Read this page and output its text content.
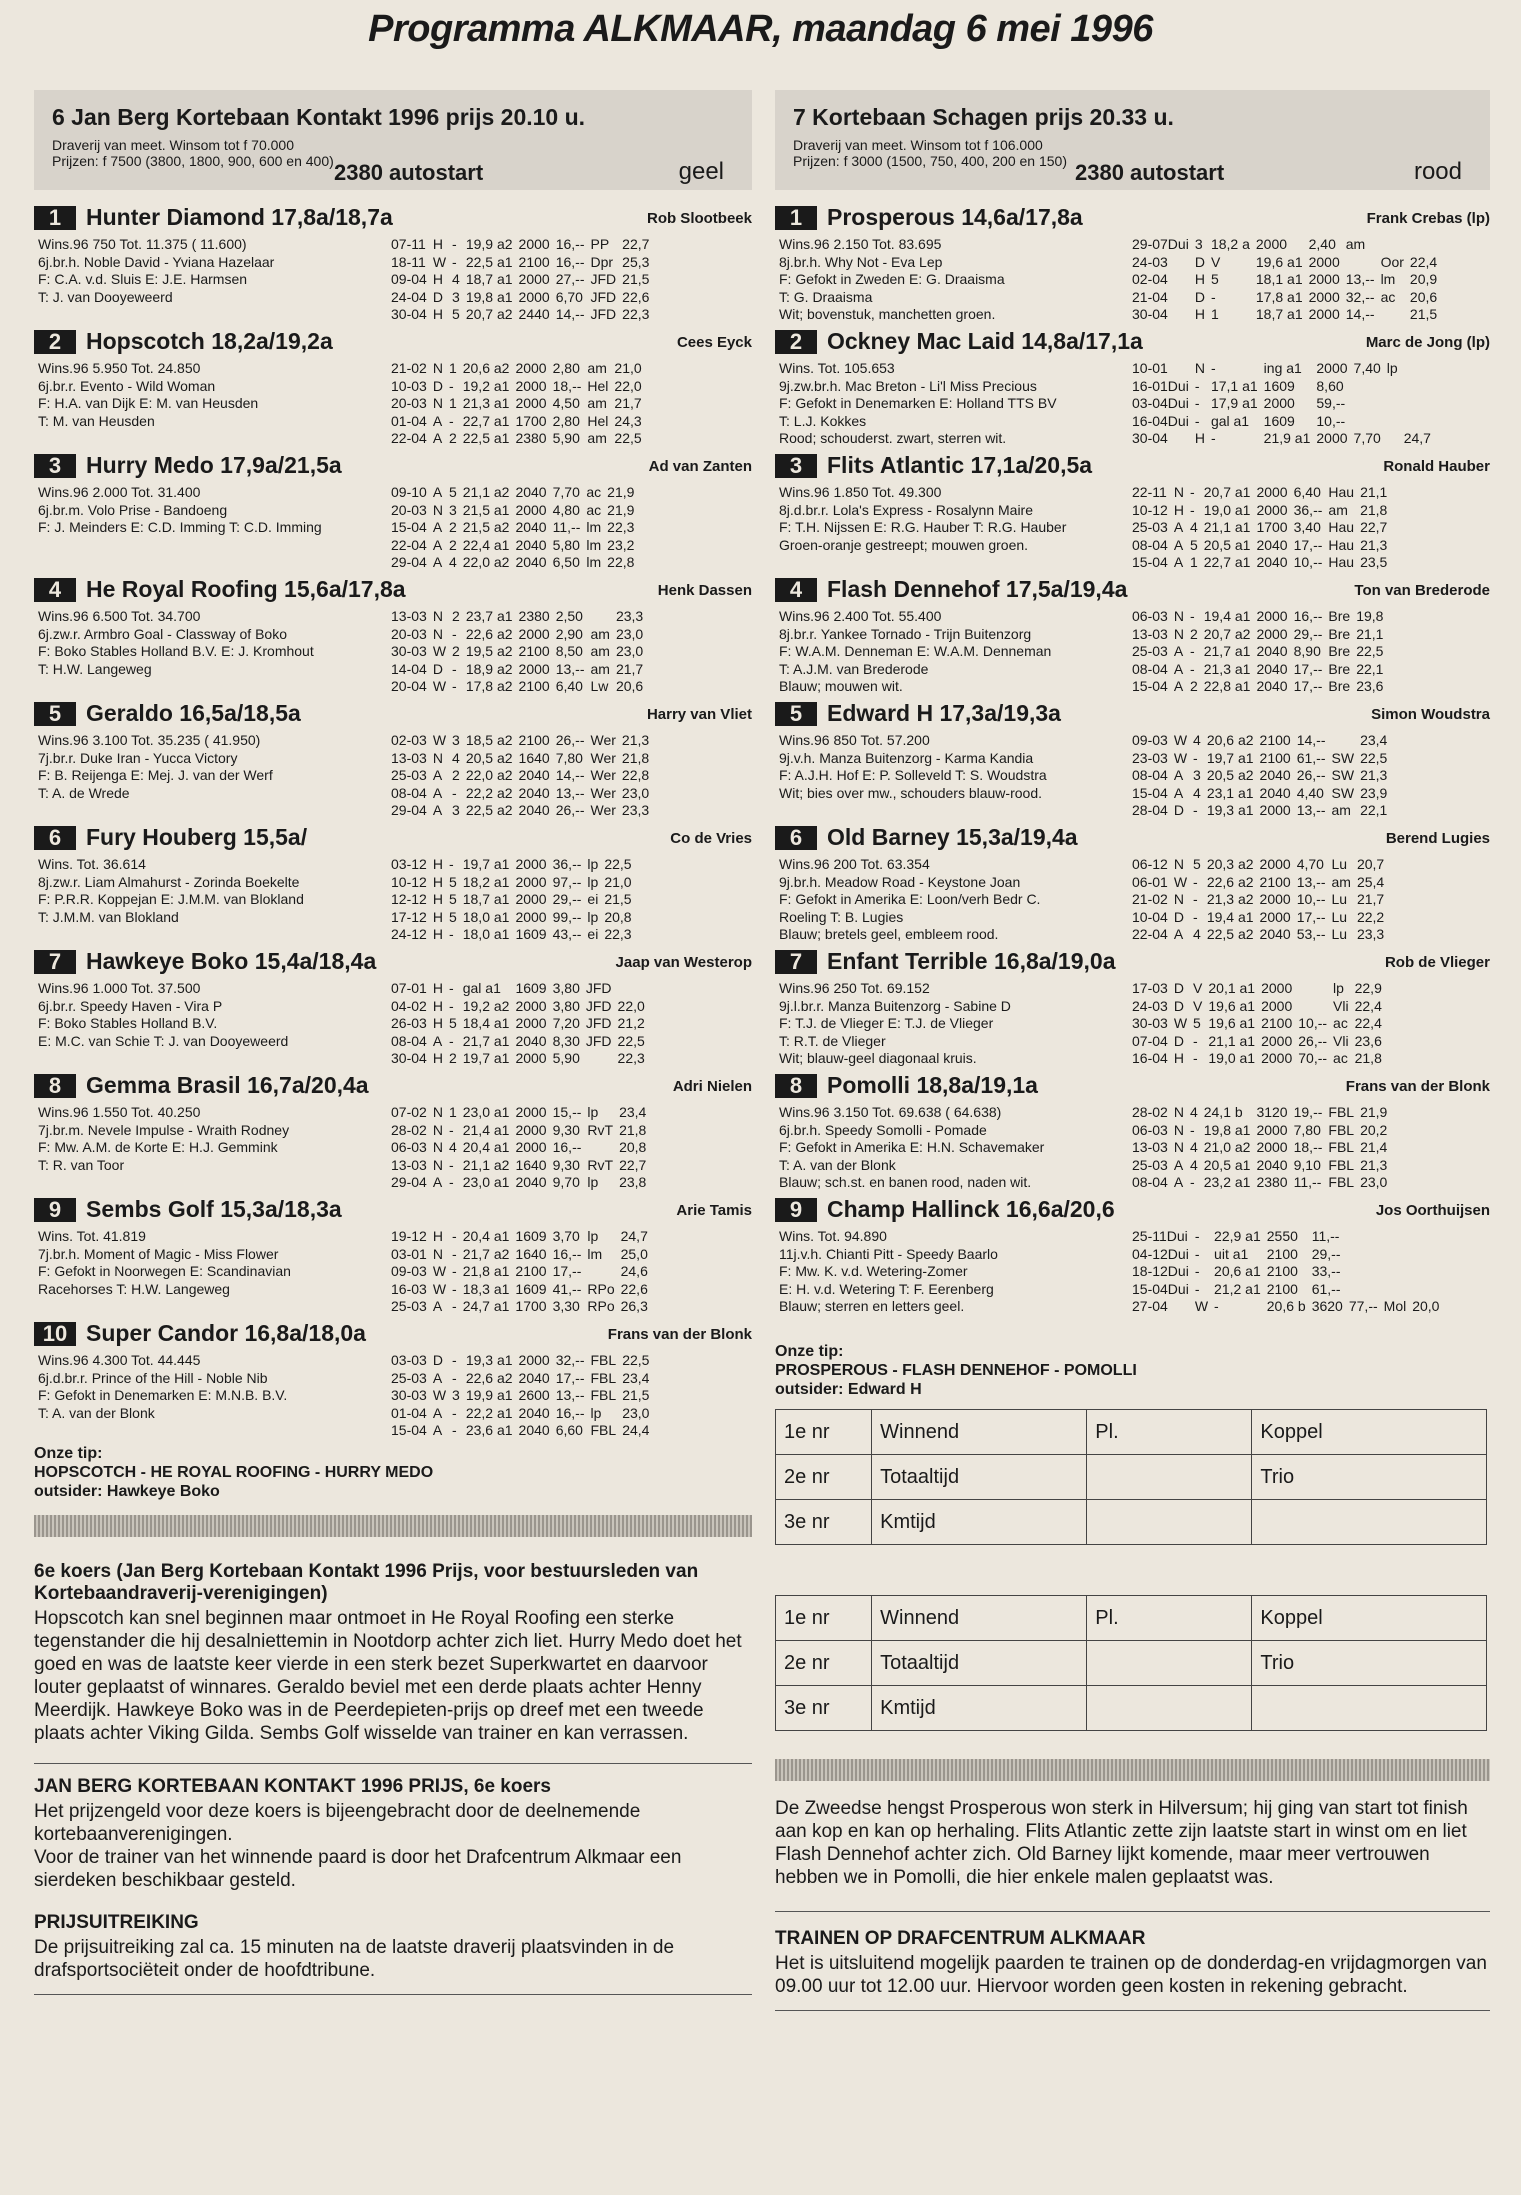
Programma ALKMAAR, maandag 6 mei 1996
6 Jan Berg Kortebaan Kontakt 1996 prijs 20.10 u.
Draverij van meet. Winsom tot f 70.000
Prijzen: f 7500 (3800, 1800, 900, 600 en 400) 2380 autostart	geel
1 Hunter Diamond 17,8a/18,7a	Rob Slootbeek
Wins.96 750 Tot. 11.375 ( 11.600)
6j.br.h. Noble David - Yviana Hazelaar
F: C.A. v.d. Sluis E: J.E. Harmsen
T: J. van Dooyeweerd
07-11	H	-	19,9 a2	2000	16,--	PP	22,7
18-11	W	-	22,5 a1	2100	16,--	Dpr	25,3
09-04	H	4	18,7 a1	2000	27,--	JFD	21,5
24-04	D	3	19,8 a1	2000	6,70	JFD	22,6
30-04	H	5	20,7 a2	2440	14,--	JFD	22,3
2 Hopscotch 18,2a/19,2a	Cees Eyck
Wins.96 5.950 Tot. 24.850
6j.br.r. Evento - Wild Woman
F: H.A. van Dijk E: M. van Heusden
T: M. van Heusden
21-02	N	1	20,6 a2	2000	2,80	am	21,0
10-03	D	-	19,2 a1	2000	18,--	Hel	22,0
20-03	N	1	21,3 a1	2000	4,50	am	21,7
01-04	A	-	22,7 a1	1700	2,80	Hel	24,3
22-04	A	2	22,5 a1	2380	5,90	am	22,5
3 Hurry Medo 17,9a/21,5a	Ad van Zanten
Wins.96 2.000 Tot. 31.400
6j.br.m. Volo Prise - Bandoeng
F: J. Meinders E: C.D. Imming T: C.D. Imming
09-10	A	5	21,1 a2	2040	7,70	ac	21,9
20-03	N	3	21,5 a1	2000	4,80	ac	21,9
15-04	A	2	21,5 a2	2040	11,--	lm	22,3
22-04	A	2	22,4 a1	2040	5,80	lm	23,2
29-04	A	4	22,0 a2	2040	6,50	lm	22,8
4 He Royal Roofing 15,6a/17,8a	Henk Dassen
Wins.96 6.500 Tot. 34.700
6j.zw.r. Armbro Goal - Classway of Boko
F: Boko Stables Holland B.V. E: J. Kromhout
T: H.W. Langeweg
13-03	N	2	23,7 a1	2380	2,50		23,3
20-03	N	-	22,6 a2	2000	2,90	am	23,0
30-03	W	2	19,5 a2	2100	8,50	am	23,0
14-04	D	-	18,9 a2	2000	13,--	am	21,7
20-04	W	-	17,8 a2	2100	6,40	Lw	20,6
5 Geraldo 16,5a/18,5a	Harry van Vliet
Wins.96 3.100 Tot. 35.235 ( 41.950)
7j.br.r. Duke Iran - Yucca Victory
F: B. Reijenga E: Mej. J. van der Werf
T: A. de Wrede
02-03	W	3	18,5 a2	2100	26,--	Wer	21,3
13-03	N	4	20,5 a2	1640	7,80	Wer	21,8
25-03	A	2	22,0 a2	2040	14,--	Wer	22,8
08-04	A	-	22,2 a2	2040	13,--	Wer	23,0
29-04	A	3	22,5 a2	2040	26,--	Wer	23,3
6 Fury Houberg 15,5a/	Co de Vries
Wins. Tot. 36.614
8j.zw.r. Liam Almahurst - Zorinda Boekelte
F: P.R.R. Koppejan E: J.M.M. van Blokland
T: J.M.M. van Blokland
03-12	H	-	19,7 a1	2000	36,--	lp	22,5
10-12	H	5	18,2 a1	2000	97,--	lp	21,0
12-12	H	5	18,7 a1	2000	29,--	ei	21,5
17-12	H	5	18,0 a1	2000	99,--	lp	20,8
24-12	H	-	18,0 a1	1609	43,--	ei	22,3
7 Hawkeye Boko 15,4a/18,4a	Jaap van Westerop
Wins.96 1.000 Tot. 37.500
6j.br.r. Speedy Haven - Vira P
F: Boko Stables Holland B.V.
E: M.C. van Schie T: J. van Dooyeweerd
07-01	H	-	gal a1	1609	3,80	JFD	
04-02	H	-	19,2 a2	2000	3,80	JFD	22,0
26-03	H	5	18,4 a1	2000	7,20	JFD	21,2
08-04	A	-	21,7 a1	2040	8,30	JFD	22,5
30-04	H	2	19,7 a1	2000	5,90		22,3
8 Gemma Brasil 16,7a/20,4a	Adri Nielen
Wins.96 1.550 Tot. 40.250
7j.br.m. Nevele Impulse - Wraith Rodney
F: Mw. A.M. de Korte E: H.J. Gemmink
T: R. van Toor
07-02	N	1	23,0 a1	2000	15,--	lp	23,4
28-02	N	-	21,4 a1	2000	9,30	RvT	21,8
06-03	N	4	20,4 a1	2000	16,--		20,8
13-03	N	-	21,1 a2	1640	9,30	RvT	22,7
29-04	A	-	23,0 a1	2040	9,70	lp	23,8
9 Sembs Golf 15,3a/18,3a	Arie Tamis
Wins. Tot. 41.819
7j.br.h. Moment of Magic - Miss Flower
F: Gefokt in Noorwegen E: Scandinavian
Racehorses T: H.W. Langeweg
19-12	H	-	20,4 a1	1609	3,70	lp	24,7
03-01	N	-	21,7 a2	1640	16,--	lm	25,0
09-03	W	-	21,8 a1	2100	17,--		24,6
16-03	W	-	18,3 a1	1609	41,--	RPo	22,6
25-03	A	-	24,7 a1	1700	3,30	RPo	26,3
10 Super Candor 16,8a/18,0a	Frans van der Blonk
Wins.96 4.300 Tot. 44.445
6j.d.br.r. Prince of the Hill - Noble Nib
F: Gefokt in Denemarken E: M.N.B. B.V.
T: A. van der Blonk
03-03	D	-	19,3 a1	2000	32,--	FBL	22,5
25-03	A	-	22,6 a2	2040	17,--	FBL	23,4
30-03	W	3	19,9 a1	2600	13,--	FBL	21,5
01-04	A	-	22,2 a1	2040	16,--	lp	23,0
15-04	A	-	23,6 a1	2040	6,60	FBL	24,4
Onze tip:
HOPSCOTCH - HE ROYAL ROOFING - HURRY MEDO
outsider: Hawkeye Boko
6e koers (Jan Berg Kortebaan Kontakt 1996 Prijs, voor bestuursleden van Kortebaandraverij-verenigingen)

Hopscotch kan snel beginnen maar ontmoet in He Royal Roofing een sterke tegenstander die hij desalniettemin in Nootdorp achter zich liet. Hurry Medo doet het goed en was de laatste keer vierde in een sterk bezet Superkwartet en daarvoor louter geplaatst of winnares. Geraldo beviel met een derde plaats achter Henny Meerdijk. Hawkeye Boko was in de Peerdepieten-prijs op dreef met een tweede plaats achter Viking Gilda. Sembs Golf wisselde van trainer en kan verrassen.

JAN BERG KORTEBAAN KONTAKT 1996 PRIJS, 6e koers

Het prijzengeld voor deze koers is bijeengebracht door de deelnemende kortebaanverenigingen.

Voor de trainer van het winnende paard is door het Drafcentrum Alkmaar een sierdeken beschikbaar gesteld.

PRIJSUITREIKING

De prijsuitreiking zal ca. 15 minuten na de laatste draverij plaatsvinden in de drafsportsociëteit onder de hoofdtribune.

7 Kortebaan Schagen prijs 20.33 u.
Draverij van meet. Winsom tot f 106.000
Prijzen: f 3000 (1500, 750, 400, 200 en 150) 2380 autostart	rood
1 Prosperous 14,6a/17,8a	Frank Crebas (lp)
Wins.96 2.150 Tot. 83.695
8j.br.h. Why Not - Eva Lep
F: Gefokt in Zweden E: G. Draaisma
T: G. Draaisma
Wit; bovenstuk, manchetten groen.
29-07Dui	3	18,2 a	2000	2,40	am		
24-03	D	V	19,6 a1	2000		Oor	22,4
02-04	H	5	18,1 a1	2000	13,--	lm	20,9
21-04	D	-	17,8 a1	2000	32,--	ac	20,6
30-04	H	1	18,7 a1	2000	14,--		21,5
2 Ockney Mac Laid 14,8a/17,1a	Marc de Jong (lp)
Wins. Tot. 105.653
9j.zw.br.h. Mac Breton - Li'l Miss Precious
F: Gefokt in Denemarken E: Holland TTS BV
T: L.J. Kokkes
Rood; schouderst. zwart, sterren wit.
10-01	N	-	ing a1	2000	7,40	lp	
16-01Dui	-	17,1 a1	1609	8,60			
03-04Dui	-	17,9 a1	2000	59,--			
16-04Dui	-	gal a1	1609	10,--			
30-04	H	-	21,9 a1	2000	7,70		24,7
3 Flits Atlantic 17,1a/20,5a	Ronald Hauber
Wins.96 1.850 Tot. 49.300
8j.d.br.r. Lola's Express - Rosalynn Maire
F: T.H. Nijssen E: R.G. Hauber T: R.G. Hauber
Groen-oranje gestreept; mouwen groen.
22-11	N	-	20,7 a1	2000	6,40	Hau	21,1
10-12	H	-	19,0 a1	2000	36,--	am	21,8
25-03	A	4	21,1 a1	1700	3,40	Hau	22,7
08-04	A	5	20,5 a1	2040	17,--	Hau	21,3
15-04	A	1	22,7 a1	2040	10,--	Hau	23,5
4 Flash Dennehof 17,5a/19,4a	Ton van Brederode
Wins.96 2.400 Tot. 55.400
8j.br.r. Yankee Tornado - Trijn Buitenzorg
F: W.A.M. Denneman E: W.A.M. Denneman
T: A.J.M. van Brederode
Blauw; mouwen wit.
06-03	N	-	19,4 a1	2000	16,--	Bre	19,8
13-03	N	2	20,7 a2	2000	29,--	Bre	21,1
25-03	A	-	21,7 a1	2040	8,90	Bre	22,5
08-04	A	-	21,3 a1	2040	17,--	Bre	22,1
15-04	A	2	22,8 a1	2040	17,--	Bre	23,6
5 Edward H 17,3a/19,3a	Simon Woudstra
Wins.96 850 Tot. 57.200
9j.v.h. Manza Buitenzorg - Karma Kandia
F: A.J.H. Hof E: P. Solleveld T: S. Woudstra
Wit; bies over mw., schouders blauw-rood.
09-03	W	4	20,6 a2	2100	14,--		23,4
23-03	W	-	19,7 a1	2100	61,--	SW	22,5
08-04	A	3	20,5 a2	2040	26,--	SW	21,3
15-04	A	4	23,1 a1	2040	4,40	SW	23,9
28-04	D	-	19,3 a1	2000	13,--	am	22,1
6 Old Barney 15,3a/19,4a	Berend Lugies
Wins.96 200 Tot. 63.354
9j.br.h. Meadow Road - Keystone Joan
F: Gefokt in Amerika E: Loon/verh Bedr C.
Roeling T: B. Lugies
Blauw; bretels geel, embleem rood.
06-12	N	5	20,3 a2	2000	4,70	Lu	20,7
06-01	W	-	22,6 a2	2100	13,--	am	25,4
21-02	N	-	21,3 a2	2000	10,--	Lu	21,7
10-04	D	-	19,4 a1	2000	17,--	Lu	22,2
22-04	A	4	22,5 a2	2040	53,--	Lu	23,3
7 Enfant Terrible 16,8a/19,0a	Rob de Vlieger
Wins.96 250 Tot. 69.152
9j.l.br.r. Manza Buitenzorg - Sabine D
F: T.J. de Vlieger E: T.J. de Vlieger
T: R.T. de Vlieger
Wit; blauw-geel diagonaal kruis.
17-03	D	V	20,1 a1	2000		lp	22,9
24-03	D	V	19,6 a1	2000		Vli	22,4
30-03	W	5	19,6 a1	2100	10,--	ac	22,4
07-04	D	-	21,1 a1	2000	26,--	Vli	23,6
16-04	H	-	19,0 a1	2000	70,--	ac	21,8
8 Pomolli 18,8a/19,1a	Frans van der Blonk
Wins.96 3.150 Tot. 69.638 ( 64.638)
6j.br.h. Speedy Somolli - Pomade
F: Gefokt in Amerika E: H.N. Schavemaker
T: A. van der Blonk
Blauw; sch.st. en banen rood, naden wit.
28-02	N	4	24,1 b	3120	19,--	FBL	21,9
06-03	N	-	19,8 a1	2000	7,80	FBL	20,2
13-03	N	4	21,0 a2	2000	18,--	FBL	21,4
25-03	A	4	20,5 a1	2040	9,10	FBL	21,3
08-04	A	-	23,2 a1	2380	11,--	FBL	23,0
9 Champ Hallinck 16,6a/20,6	Jos Oorthuijsen
Wins. Tot. 94.890
11j.v.h. Chianti Pitt - Speedy Baarlo
F: Mw. K. v.d. Wetering-Zomer
E: H. v.d. Wetering T: F. Eerenberg
Blauw; sterren en letters geel.
25-11Dui	-	22,9 a1	2550	11,--			
04-12Dui	-	uit a1	2100	29,--			
18-12Dui	-	20,6 a1	2100	33,--			
15-04Dui	-	21,2 a1	2100	61,--			
27-04	W	-	20,6 b	3620	77,--	Mol	20,0
Onze tip:
PROSPEROUS - FLASH DENNEHOF - POMOLLI
outsider: Edward H
1e nr	Winnend	Pl.	Koppel
2e nr	Totaaltijd		Trio
3e nr	Kmtijd		
1e nr	Winnend	Pl.	Koppel
2e nr	Totaaltijd		Trio
3e nr	Kmtijd		

De Zweedse hengst Prosperous won sterk in Hilversum; hij ging van start tot finish aan kop en kan op herhaling. Flits Atlantic zette zijn laatste start in winst om en liet Flash Dennehof achter zich. Old Barney lijkt komende, maar meer vertrouwen hebben we in Pomolli, die hier enkele malen geplaatst was.

TRAINEN OP DRAFCENTRUM ALKMAAR

Het is uitsluitend mogelijk paarden te trainen op de donderdag-en vrijdagmorgen van 09.00 uur tot 12.00 uur. Hiervoor worden geen kosten in rekening gebracht.
